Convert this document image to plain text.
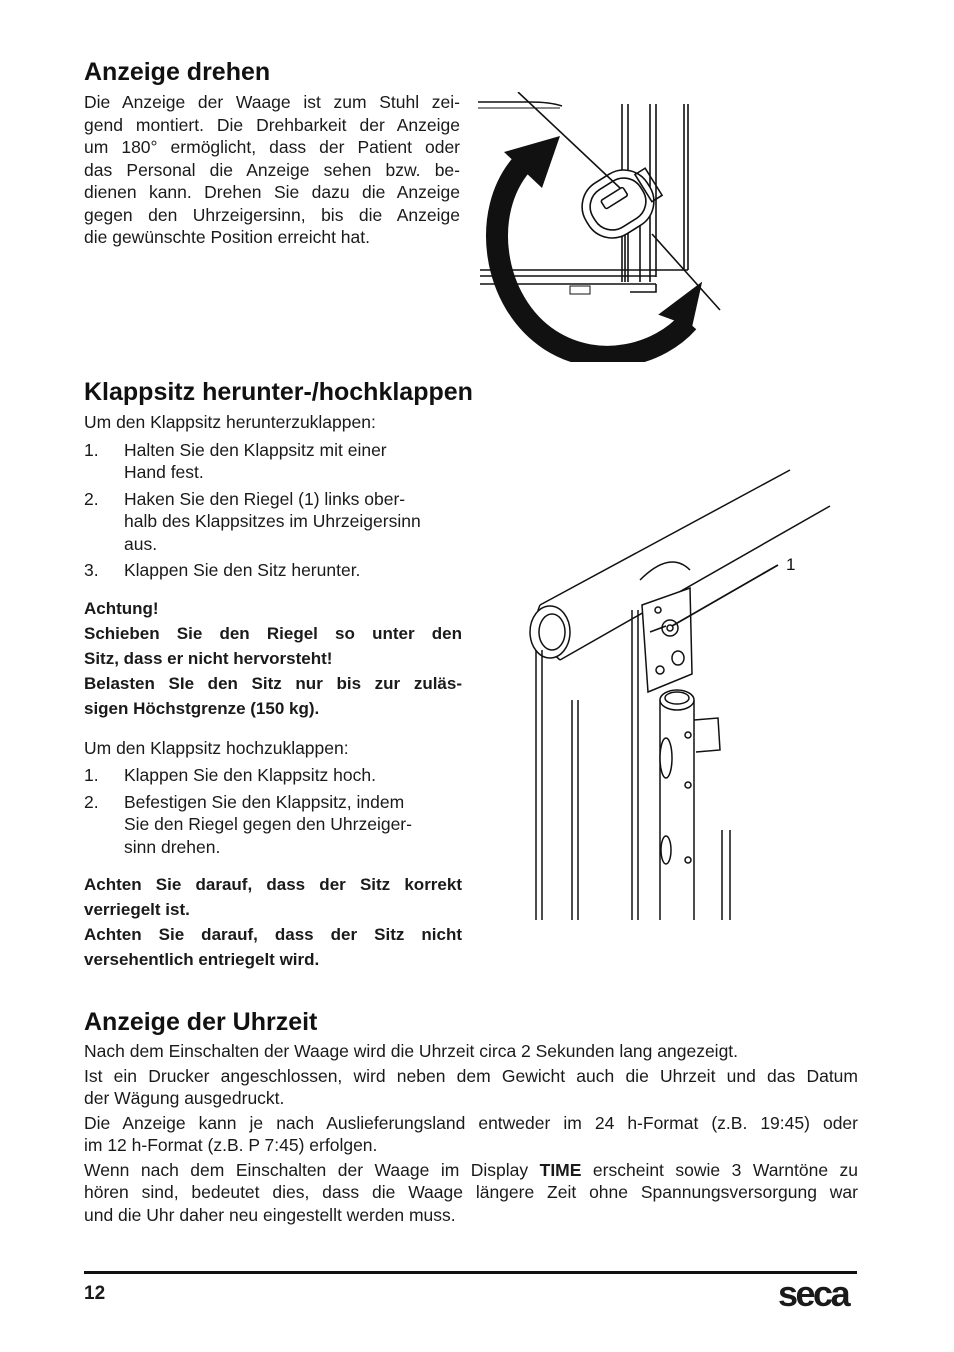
Anzeige drehen
Die Anzeige der Waage ist zum Stuhl zei-
gend montiert. Die Drehbarkeit der Anzeige
um 180° ermöglicht, dass der Patient oder
das Personal die Anzeige sehen bzw. be-
dienen kann. Drehen Sie dazu die Anzeige
gegen den Uhrzeigersinn, bis die Anzeige
die gewünschte Position erreicht hat.
Klappsitz herunter-/hochklappen
Um den Klappsitz herunterzuklappen:
1.	Halten Sie den Klappsitz mit einer
Hand fest.
2.	Haken Sie den Riegel (1) links ober-
halb des Klappsitzes im Uhrzeigersinn
aus.
3.	Klappen Sie den Sitz herunter.
Achtung!
Schieben Sie den Riegel so unter den
Sitz, dass er nicht hervorsteht!
Belasten SIe den Sitz nur bis zur zuläs-
sigen Höchstgrenze (150 kg).
Um den Klappsitz hochzuklappen:
1.	Klappen Sie den Klappsitz hoch.
2.	Befestigen Sie den Klappsitz, indem
Sie den Riegel gegen den Uhrzeiger-
sinn drehen.
Achten Sie darauf, dass der Sitz korrekt
verriegelt ist.
Achten Sie darauf, dass der Sitz nicht
versehentlich entriegelt wird.
1
Anzeige der Uhrzeit
Nach dem Einschalten der Waage wird die Uhrzeit circa 2 Sekunden lang angezeigt.
Ist ein Drucker angeschlossen, wird neben dem Gewicht auch die Uhrzeit und das Datum
der Wägung ausgedruckt.
Die Anzeige kann je nach Auslieferungsland entweder im 24 h-Format (z.B. 19:45) oder
im 12 h-Format (z.B. P 7:45) erfolgen.
Wenn nach dem Einschalten der Waage im Display TIME erscheint sowie 3 Warntöne zu
hören sind, bedeutet dies, dass die Waage längere Zeit ohne Spannungsversorgung war
und die Uhr daher neu eingestellt werden muss.
12	seca
